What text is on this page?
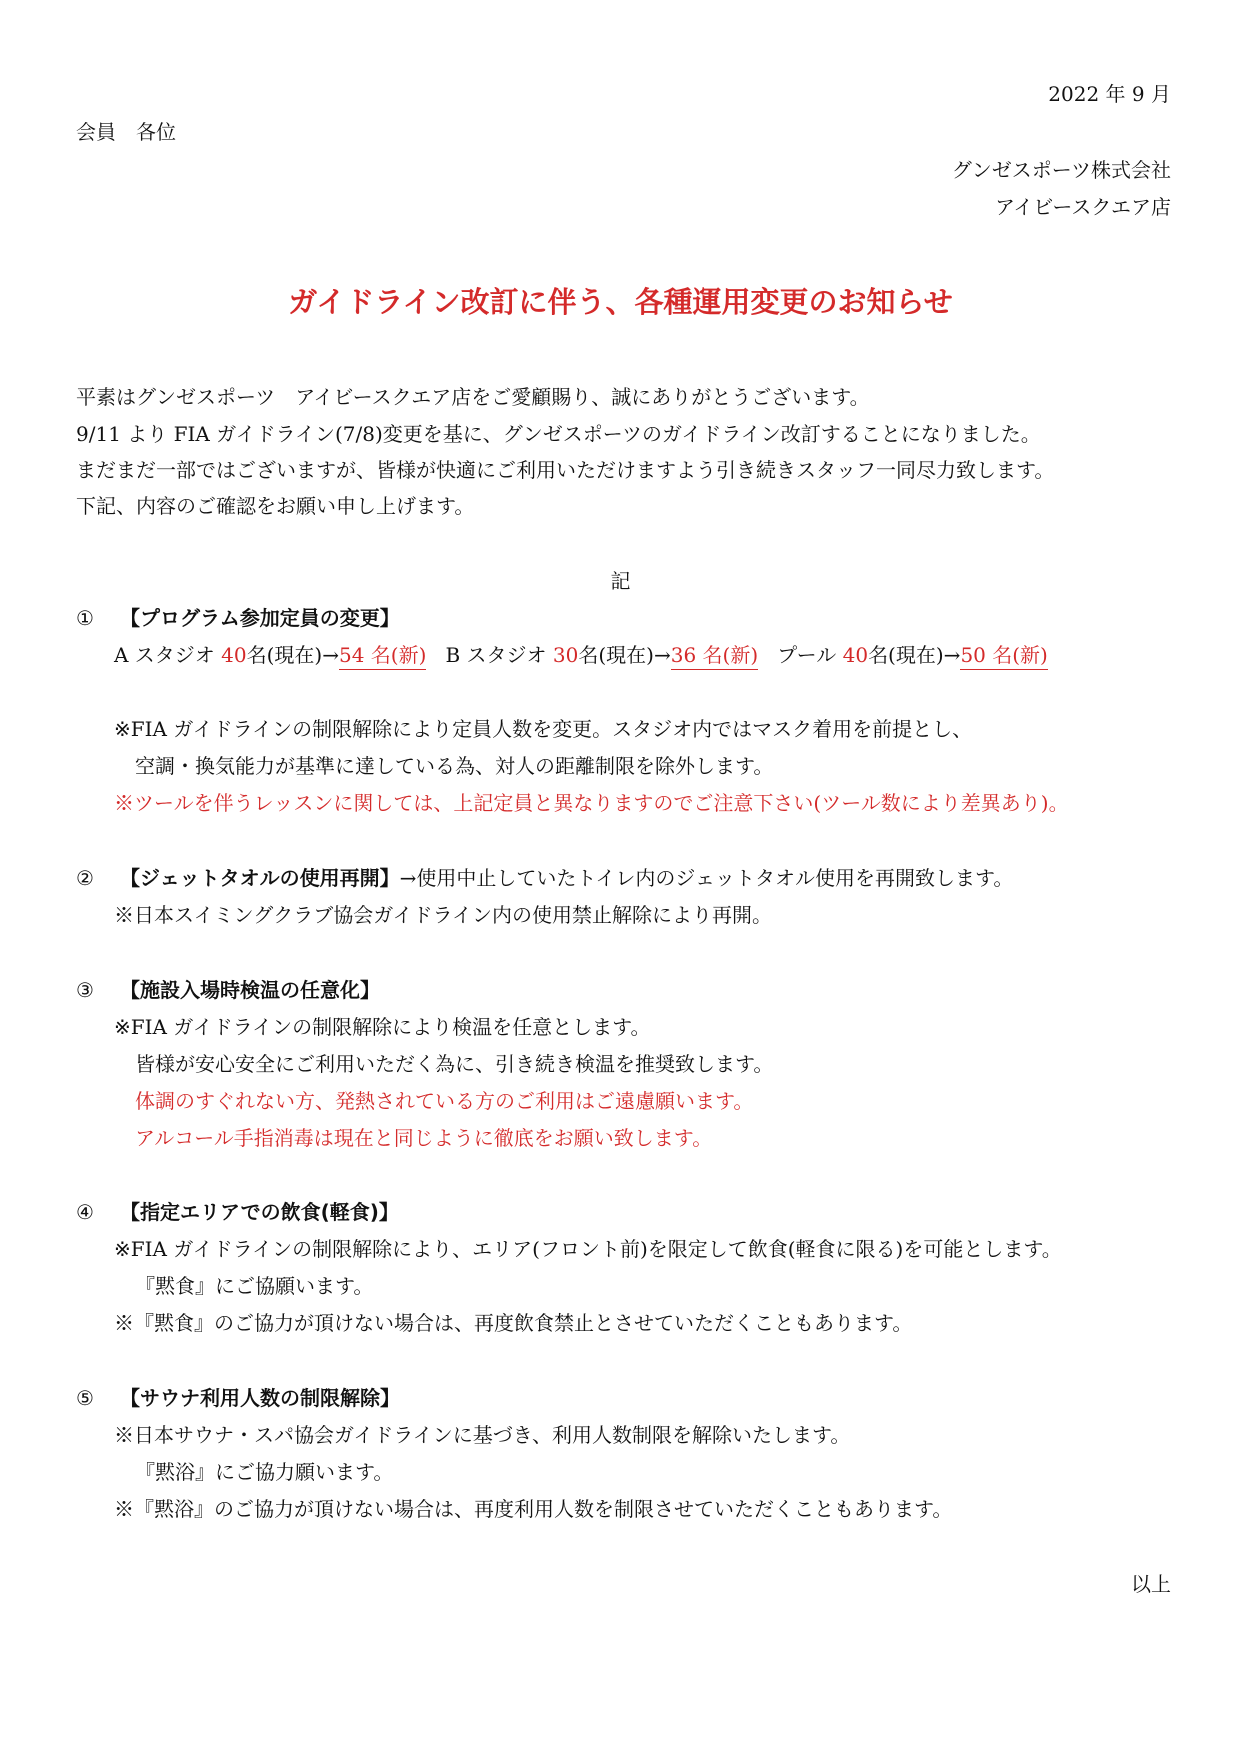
2022 年 9 月
会員　各位
グンゼスポーツ株式会社
アイビースクエア店
ガイドライン改訂に伴う、各種運用変更のお知らせ
平素はグンゼスポーツ　アイビースクエア店をご愛顧賜り、誠にありがとうございます。
9/11 より FIA ガイドライン(7/8)変更を基に、グンゼスポーツのガイドライン改訂することになりました。
まだまだ一部ではございますが、皆様が快適にご利用いただけますよう引き続きスタッフ一同尽力致します。
下記、内容のご確認をお願い申し上げます。
記
① 【プログラム参加定員の変更】
A スタジオ 40名(現在)→54 名(新) B スタジオ 30名(現在)→36 名(新) プール 40名(現在)→50 名(新)
※FIA ガイドラインの制限解除により定員人数を変更。スタジオ内ではマスク着用を前提とし、
空調・換気能力が基準に達している為、対人の距離制限を除外します。
※ツールを伴うレッスンに関しては、上記定員と異なりますのでご注意下さい(ツール数により差異あり)。
② 【ジェットタオルの使用再開】→使用中止していたトイレ内のジェットタオル使用を再開致します。
※日本スイミングクラブ協会ガイドライン内の使用禁止解除により再開。
③ 【施設入場時検温の任意化】
※FIA ガイドラインの制限解除により検温を任意とします。
皆様が安心安全にご利用いただく為に、引き続き検温を推奨致します。
体調のすぐれない方、発熱されている方のご利用はご遠慮願います。
アルコール手指消毒は現在と同じように徹底をお願い致します。
④ 【指定エリアでの飲食(軽食)】
※FIA ガイドラインの制限解除により、エリア(フロント前)を限定して飲食(軽食に限る)を可能とします。
『黙食』にご協願います。
※『黙食』のご協力が頂けない場合は、再度飲食禁止とさせていただくこともあります。
⑤ 【サウナ利用人数の制限解除】
※日本サウナ・スパ協会ガイドラインに基づき、利用人数制限を解除いたします。
『黙浴』にご協力願います。
※『黙浴』のご協力が頂けない場合は、再度利用人数を制限させていただくこともあります。
以上
